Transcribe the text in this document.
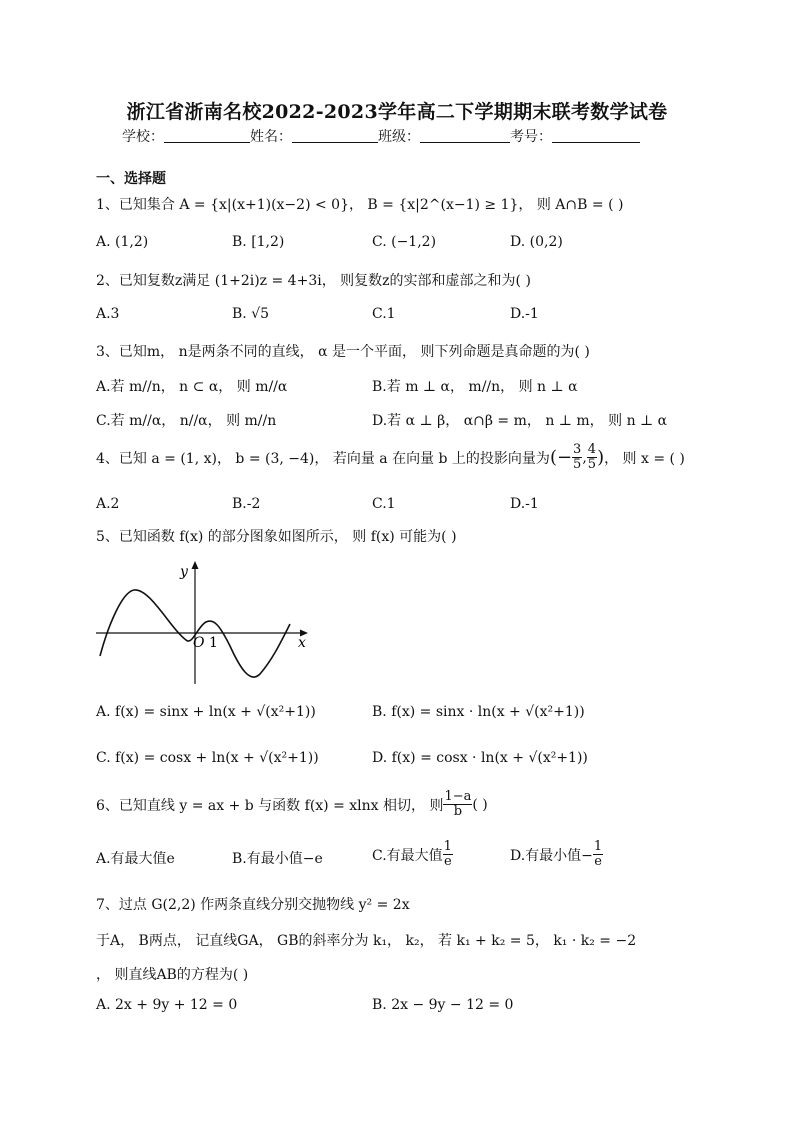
浙江省浙南名校2022-2023学年高二下学期期末联考数学试卷
学校：	姓名：	班级：	考号：
一、选择题
1、已知集合 A = {x|(x+1)(x−2) < 0}， B = {x|2^(x−1) ≥ 1}， 则 A∩B = ( )
A. (1,2)	B. [1,2)	C. (−1,2)	D. (0,2)
2、已知复数z满足 (1+2i)z = 4+3i， 则复数z的实部和虚部之和为( )
A.3	B. √5	C.1	D.-1
3、已知m， n是两条不同的直线， α 是一个平面， 则下列命题是真命题的为( )
A.若 m//n， n ⊂ α， 则 m//α	B.若 m ⊥ α， m//n， 则 n ⊥ α
C.若 m//α， n//α， 则 m//n	D.若 α ⊥ β， α∩β = m， n ⊥ m， 则 n ⊥ α
4、已知 a = (1, x)， b = (3, −4)， 若向量 a 在向量 b 上的投影向量为 (− $\frac{3}{5}$ , $\frac{4}{5}$ ) ， 则 x = ( )
A.2	B.-2	C.1	D.-1
5、已知函数 f(x) 的部分图象如图所示， 则 f(x) 可能为( )
y
x
O 1
A. f(x) = sinx + ln(x + √(x²+1))	B. f(x) = sinx · ln(x + √(x²+1))
C. f(x) = cosx + ln(x + √(x²+1))	D. f(x) = cosx · ln(x + √(x²+1))
6、已知直线 y = ax + b 与函数 f(x) = xlnx 相切， 则 $\frac{1-a}{b}$ ( )
A.有最大值e	B.有最小值−e	C.有最大值 $\frac{1}{e}$	D.有最小值− $\frac{1}{e}$
7、过点 G(2,2) 作两条直线分别交抛物线 y² = 2x
于A， B两点， 记直线GA， GB的斜率分为 k₁， k₂， 若 k₁ + k₂ = 5， k₁ · k₂ = −2
， 则直线AB的方程为( )
A. 2x + 9y + 12 = 0	B. 2x − 9y − 12 = 0
